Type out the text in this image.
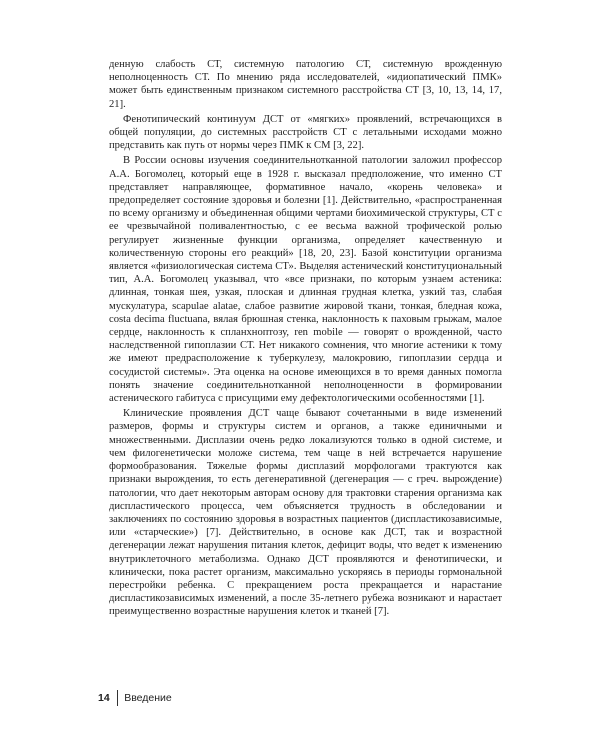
денную слабость СТ, системную патологию СТ, системную врожденную неполноценность СТ. По мнению ряда исследователей, «идиопатический ПМК» может быть единственным признаком системного расстройства СТ [3, 10, 13, 14, 17, 21].

Фенотипический континуум ДСТ от «мягких» проявлений, встречающихся в общей популяции, до системных расстройств СТ с летальными исходами можно представить как путь от нормы через ПМК к СМ [3, 22].

В России основы изучения соединительнотканной патологии заложил профессор А.А. Богомолец, который еще в 1928 г. высказал предположение, что именно СТ представляет направляющее, формативное начало, «корень человека» и предопределяет состояние здоровья и болезни [1]. Действительно, «распространенная по всему организму и объединенная общими чертами биохимической структуры, СТ с ее чрезвычайной поливалентностью, с ее весьма важной трофической ролью регулирует жизненные функции организма, определяет качественную и количественную стороны его реакций» [18, 20, 23]. Базой конституции организма является «физиологическая система СТ». Выделяя астенический конституциональный тип, А.А. Богомолец указывал, что «все признаки, по которым узнаем астеника: длинная, тонкая шея, узкая, плоская и длинная грудная клетка, узкий таз, слабая мускулатура, scapulae alatae, слабое развитие жировой ткани, тонкая, бледная кожа, costa decima fluctuana, вялая брюшная стенка, наклонность к паховым грыжам, малое сердце, наклонность к спланхноптозу, ren mobile — говорят о врожденной, часто наследственной гипоплазии СТ. Нет никакого сомнения, что многие астеники к тому же имеют предрасположение к туберкулезу, малокровию, гипоплазии сердца и сосудистой системы». Эта оценка на основе имеющихся в то время данных помогла понять значение соединительнотканной неполноценности в формировании астенического габитуса с присущими ему дефектологическими особенностями [1].

Клинические проявления ДСТ чаще бывают сочетанными в виде изменений размеров, формы и структуры систем и органов, а также единичными и множественными. Дисплазии очень редко локализуются только в одной системе, и чем филогенетически моложе система, тем чаще в ней встречается нарушение формообразования. Тяжелые формы дисплазий морфологами трактуются как признаки вырождения, то есть дегенеративной (дегенерация — с греч. вырождение) патологии, что дает некоторым авторам основу для трактовки старения организма как диспластического процесса, чем объясняется трудность в обследовании и заключениях по состоянию здоровья в возрастных пациентов (диспластикозависимые, или «старческие») [7]. Действительно, в основе как ДСТ, так и возрастной дегенерации лежат нарушения питания клеток, дефицит воды, что ведет к изменению внутриклеточного метаболизма. Однако ДСТ проявляются и фенотипически, и клинически, пока растет организм, максимально ускоряясь в периоды гормональной перестройки ребенка. С прекращением роста прекращается и нарастание диспластикозависимых изменений, а после 35-летнего рубежа возникают и нарастает преимущественно возрастные нарушения клеток и тканей [7].

14 Введение
